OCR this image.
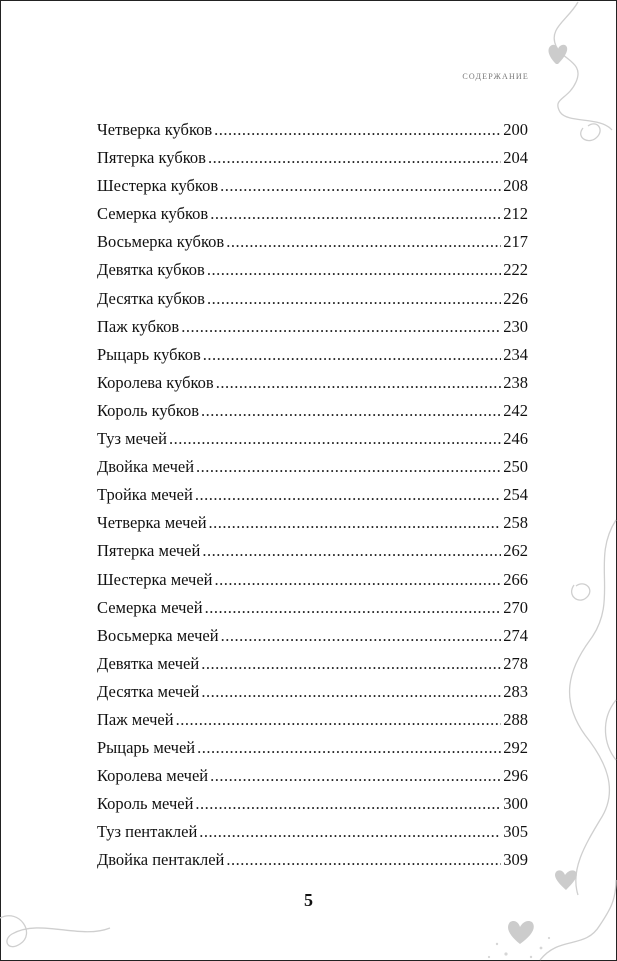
содержание
Четверка кубков .....	200
Пятерка кубков .....	204
Шестерка кубков .....	208
Семерка кубков .....	212
Восьмерка кубков .....	217
Девятка кубков .....	222
Десятка кубков .....	226
Паж кубков .....	230
Рыцарь кубков .....	234
Королева кубков .....	238
Король кубков .....	242
Туз мечей .....	246
Двойка мечей .....	250
Тройка мечей .....	254
Четверка мечей .....	258
Пятерка мечей .....	262
Шестерка мечей .....	266
Семерка мечей .....	270
Восьмерка мечей .....	274
Девятка мечей .....	278
Десятка мечей .....	283
Паж мечей .....	288
Рыцарь мечей .....	292
Королева мечей .....	296
Король мечей .....	300
Туз пентаклей .....	305
Двойка пентаклей .....	309
5
